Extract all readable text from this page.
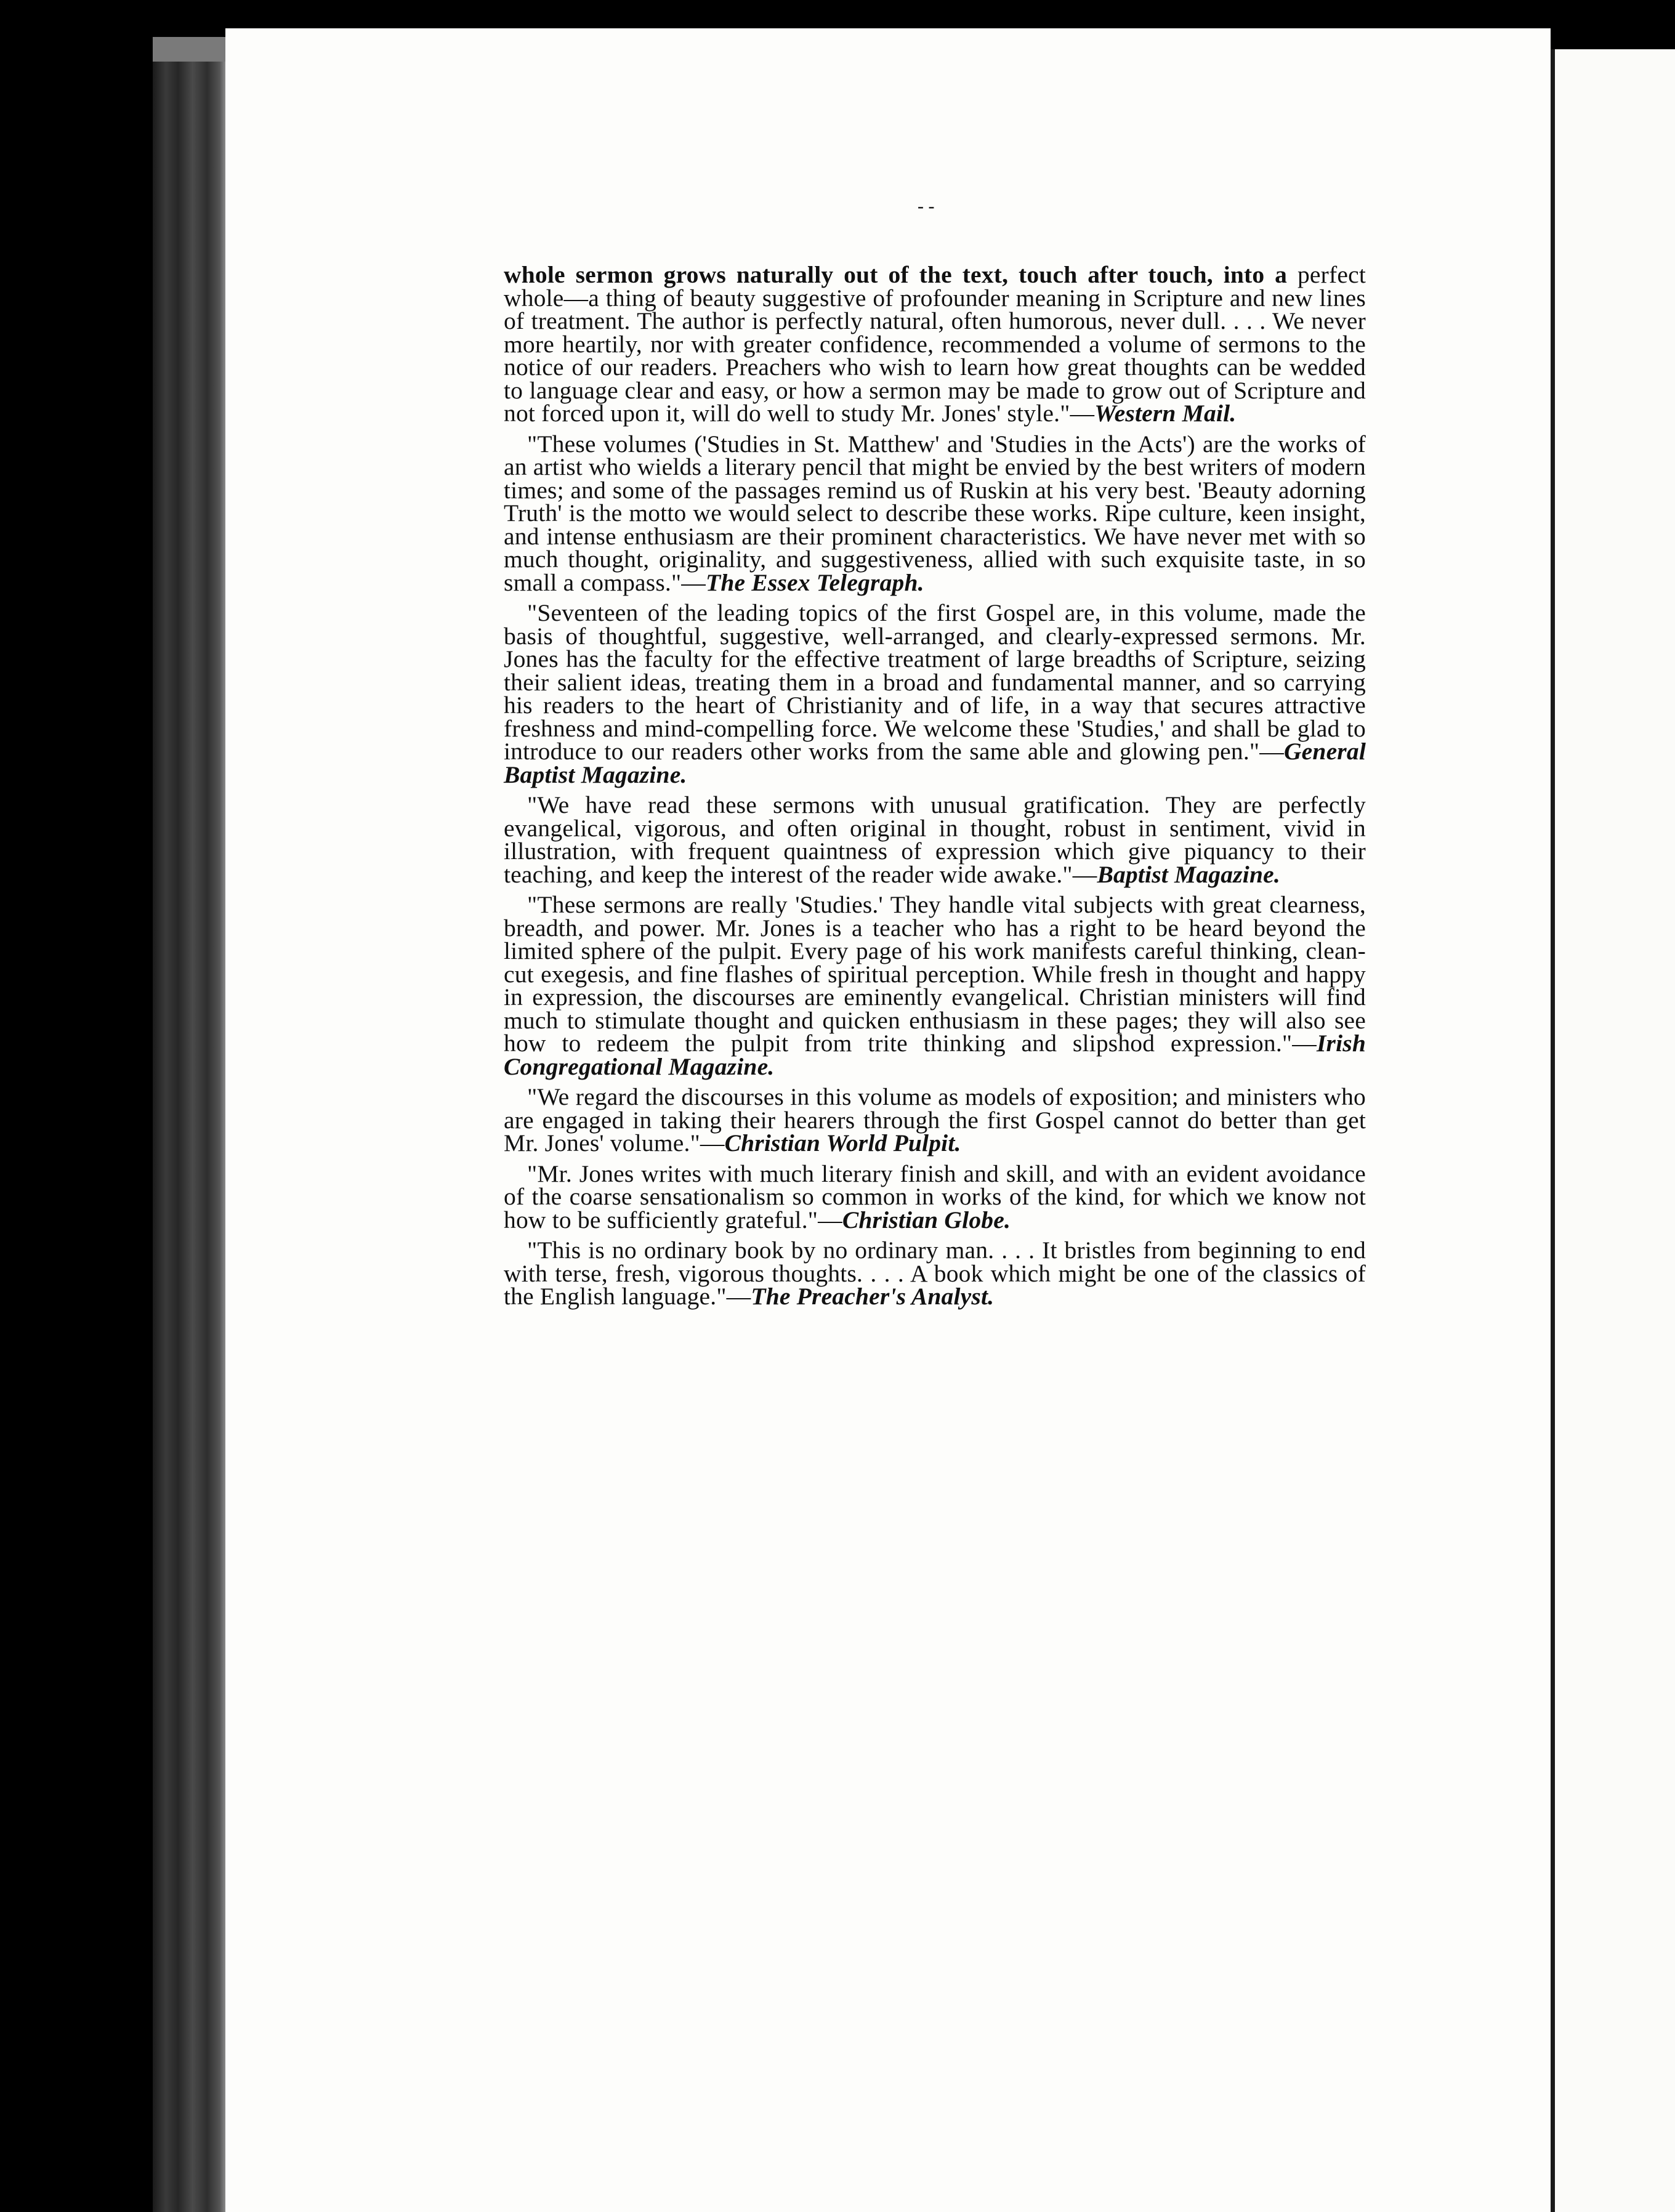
- -

whole sermon grows naturally out of the text, touch after touch, into a perfect whole—a thing of beauty suggestive of profounder meaning in Scripture and new lines of treatment. The author is perfectly natural, often humorous, never dull. . . . We never more heartily, nor with greater confidence, recommended a volume of sermons to the notice of our readers. Preachers who wish to learn how great thoughts can be wedded to language clear and easy, or how a sermon may be made to grow out of Scripture and not forced upon it, will do well to study Mr. Jones' style."—Western Mail.

"These volumes ('Studies in St. Matthew' and 'Studies in the Acts') are the works of an artist who wields a literary pencil that might be envied by the best writers of modern times; and some of the passages remind us of Ruskin at his very best. 'Beauty adorning Truth' is the motto we would select to describe these works. Ripe culture, keen insight, and intense enthusiasm are their prominent characteristics. We have never met with so much thought, originality, and suggestiveness, allied with such exquisite taste, in so small a compass."—The Essex Telegraph.

"Seventeen of the leading topics of the first Gospel are, in this volume, made the basis of thoughtful, suggestive, well-arranged, and clearly-expressed sermons. Mr. Jones has the faculty for the effective treatment of large breadths of Scripture, seizing their salient ideas, treating them in a broad and fundamental manner, and so carrying his readers to the heart of Christianity and of life, in a way that secures attractive freshness and mind-compelling force. We welcome these 'Studies,' and shall be glad to introduce to our readers other works from the same able and glowing pen."—General Baptist Magazine.

"We have read these sermons with unusual gratification. They are perfectly evangelical, vigorous, and often original in thought, robust in sentiment, vivid in illustration, with frequent quaintness of expression which give piquancy to their teaching, and keep the interest of the reader wide awake."—Baptist Magazine.

"These sermons are really 'Studies.' They handle vital subjects with great clearness, breadth, and power. Mr. Jones is a teacher who has a right to be heard beyond the limited sphere of the pulpit. Every page of his work manifests careful thinking, clean-cut exegesis, and fine flashes of spiritual perception. While fresh in thought and happy in expression, the discourses are eminently evangelical. Christian ministers will find much to stimulate thought and quicken enthusiasm in these pages; they will also see how to redeem the pulpit from trite thinking and slipshod expression."—Irish Congregational Magazine.

"We regard the discourses in this volume as models of exposition; and ministers who are engaged in taking their hearers through the first Gospel cannot do better than get Mr. Jones' volume."—Christian World Pulpit.

"Mr. Jones writes with much literary finish and skill, and with an evident avoidance of the coarse sensationalism so common in works of the kind, for which we know not how to be sufficiently grateful."—Christian Globe.

"This is no ordinary book by no ordinary man. . . . It bristles from beginning to end with terse, fresh, vigorous thoughts. . . . A book which might be one of the classics of the English language."—The Preacher's Analyst.
